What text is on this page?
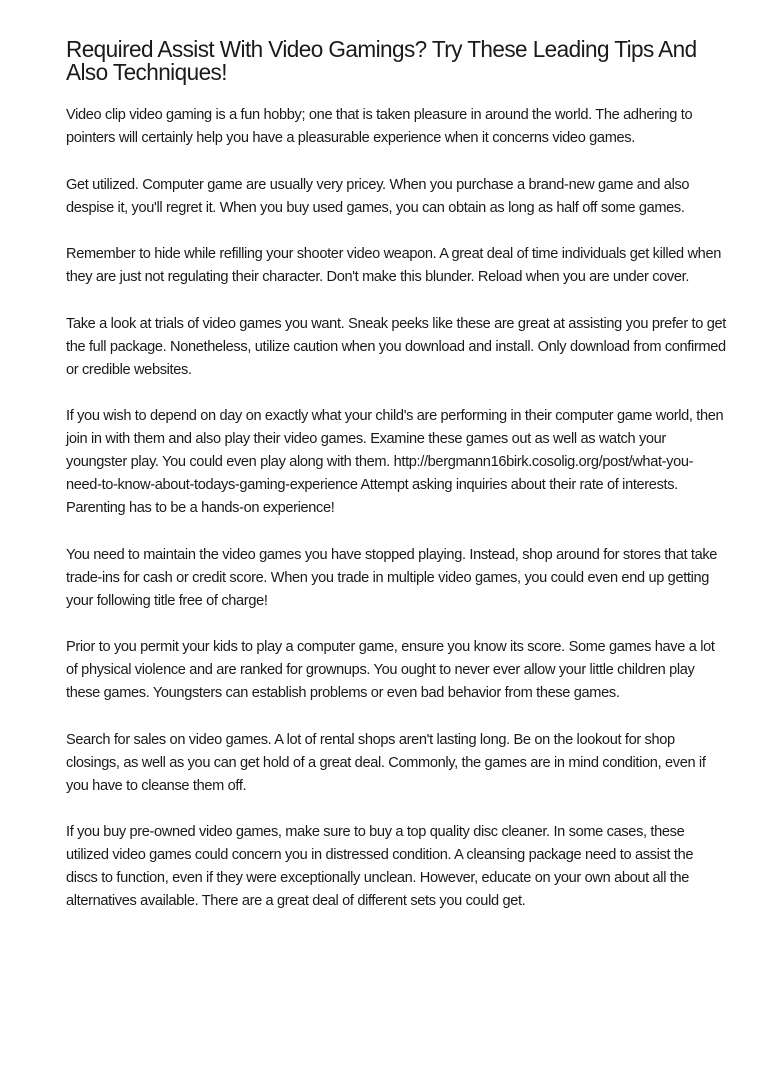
Required Assist With Video Gamings? Try These Leading Tips And Also Techniques!

Video clip video gaming is a fun hobby; one that is taken pleasure in around the world. The adhering to pointers will certainly help you have a pleasurable experience when it concerns video games.

Get utilized. Computer game are usually very pricey. When you purchase a brand-new game and also despise it, you'll regret it. When you buy used games, you can obtain as long as half off some games.

Remember to hide while refilling your shooter video weapon. A great deal of time individuals get killed when they are just not regulating their character. Don't make this blunder. Reload when you are under cover.

Take a look at trials of video games you want. Sneak peeks like these are great at assisting you prefer to get the full package. Nonetheless, utilize caution when you download and install. Only download from confirmed or credible websites.

If you wish to depend on day on exactly what your child's are performing in their computer game world, then join in with them and also play their video games. Examine these games out as well as watch your youngster play. You could even play along with them. http://bergmann16birk.cosolig.org/post/what-you-need-to-know-about-todays-gaming-experience Attempt asking inquiries about their rate of interests. Parenting has to be a hands-on experience!

You need to maintain the video games you have stopped playing. Instead, shop around for stores that take trade-ins for cash or credit score. When you trade in multiple video games, you could even end up getting your following title free of charge!

Prior to you permit your kids to play a computer game, ensure you know its score. Some games have a lot of physical violence and are ranked for grownups. You ought to never ever allow your little children play these games. Youngsters can establish problems or even bad behavior from these games.

Search for sales on video games. A lot of rental shops aren't lasting long. Be on the lookout for shop closings, as well as you can get hold of a great deal. Commonly, the games are in mind condition, even if you have to cleanse them off.

If you buy pre-owned video games, make sure to buy a top quality disc cleaner. In some cases, these utilized video games could concern you in distressed condition. A cleansing package need to assist the discs to function, even if they were exceptionally unclean. However, educate on your own about all the alternatives available. There are a great deal of different sets you could get.
